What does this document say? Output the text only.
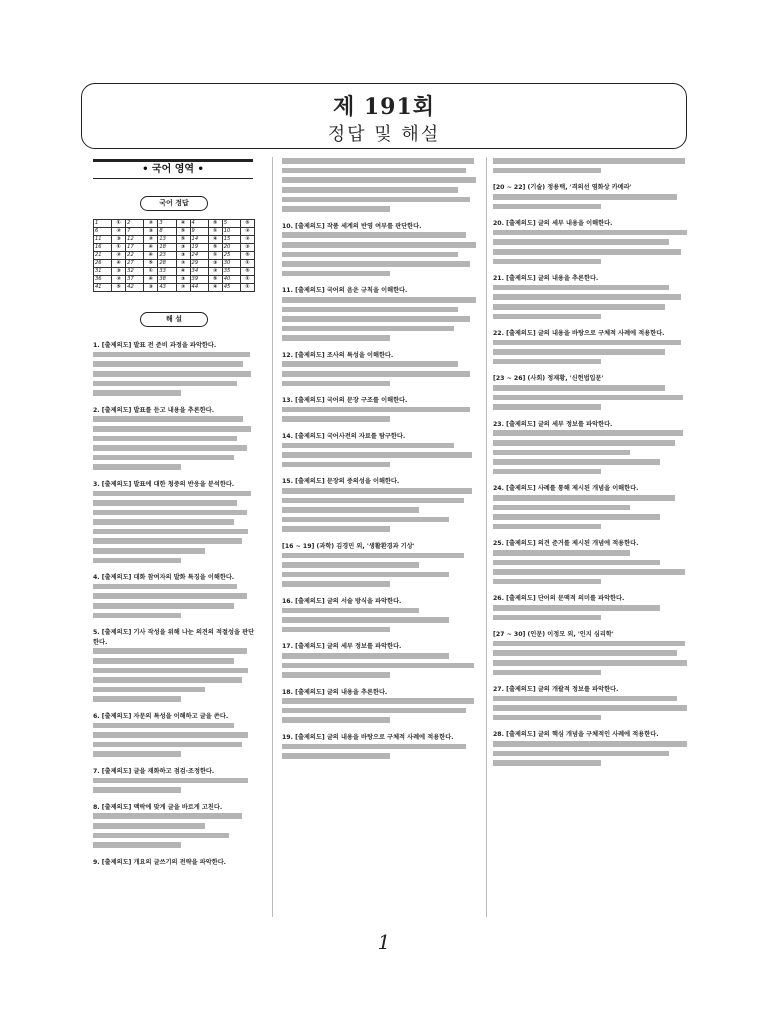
제 191회
정답 및 해설
• 국어 영역 •
국어 정답
1	①	2	②	3	④	4	⑤	5	⑤
6	②	7	③	8	⑤	9	①	10	②
11	③	12	②	13	⑤	14	④	15	②
16	①	17	④	18	③	19	⑤	20	③
21	②	22	④	23	③	24	①	25	⑤
26	④	27	⑤	28	②	29	③	30	①
31	③	32	①	33	④	34	②	35	⑤
36	②	37	④	38	③	39	⑤	40	①
41	⑤	42	③	43	②	44	④	45	①
해 설
1. [출제의도] 발표 전 준비 과정을 파악한다.
2. [출제의도] 발표를 듣고 내용을 추론한다.
3. [출제의도] 발표에 대한 청중의 반응을 분석한다.
4. [출제의도] 대화 참여자의 발화 특징을 이해한다.
5. [출제의도] 기사 작성을 위해 나눈 의견의 적절성을 판단한다.
6. [출제의도] 자문의 특성을 이해하고 글을 쓴다.
7. [출제의도] 글을 재화하고 점검·조정한다.
8. [출제의도] 맥락에 맞게 글을 바르게 고친다.
9. [출제의도] 개요의 글쓰기의 전략을 파악한다.
10. [출제의도] 작품 세계의 반영 여부를 판단한다.
11. [출제의도] 국어의 음운 규칙을 이해한다.
12. [출제의도] 조사의 특성을 이해한다.
13. [출제의도] 국어의 문장 구조를 이해한다.
14. [출제의도] 국어사전의 자료를 탐구한다.
15. [출제의도] 문장의 중의성을 이해한다.
[16 ~ 19] (과학) 김경민 외, '생활환경과 기상'
16. [출제의도] 글의 서술 방식을 파악한다.
17. [출제의도] 글의 세부 정보를 파악한다.
18. [출제의도] 글의 내용을 추론한다.
19. [출제의도] 글의 내용을 바탕으로 구체적 사례에 적용한다.
[20 ~ 22] (기술) 정용택, '격의선 염화상 카메라'
20. [출제의도] 글의 세부 내용을 이해한다.
21. [출제의도] 글의 내용을 추론한다.
22. [출제의도] 글의 내용을 바탕으로 구체적 사례에 적용한다.
[23 ~ 26] (사회) 정재황, '신헌법입문'
23. [출제의도] 글의 세부 정보를 파악한다.
24. [출제의도] 사례를 통해 제시된 개념을 이해한다.
25. [출제의도] 의견 준거를 제시된 개념에 적용한다.
26. [출제의도] 단어의 문맥적 의미를 파악한다.
[27 ~ 30] (인문) 이정모 외, '인지 심리학'
27. [출제의도] 글의 개괄적 정보를 파악한다.
28. [출제의도] 글의 핵심 개념을 구체적인 사례에 적용한다.
1
